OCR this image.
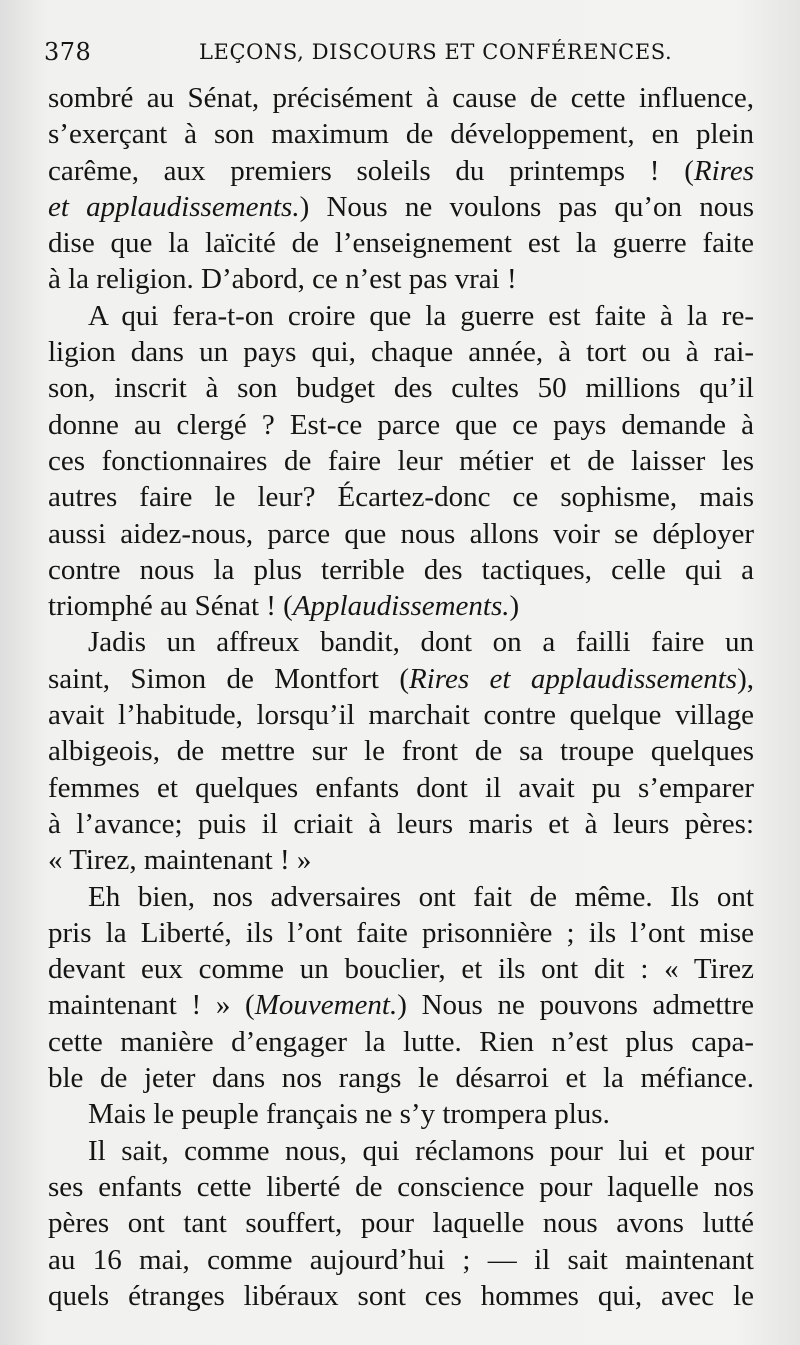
378	LEÇONS, DISCOURS ET CONFÉRENCES.
sombré au Sénat, précisément à cause de cette influence,
s’exerçant à son maximum de développement, en plein
carême, aux premiers soleils du printemps ! (Rires
et applaudissements.) Nous ne voulons pas qu’on nous
dise que la laïcité de l’enseignement est la guerre faite
à la religion. D’abord, ce n’est pas vrai !
A qui fera-t-on croire que la guerre est faite à la re-
ligion dans un pays qui, chaque année, à tort ou à rai-
son, inscrit à son budget des cultes 50 millions qu’il
donne au clergé ? Est-ce parce que ce pays demande à
ces fonctionnaires de faire leur métier et de laisser les
autres faire le leur? Écartez-donc ce sophisme, mais
aussi aidez-nous, parce que nous allons voir se déployer
contre nous la plus terrible des tactiques, celle qui a
triomphé au Sénat ! (Applaudissements.)
Jadis un affreux bandit, dont on a failli faire un
saint, Simon de Montfort (Rires et applaudissements),
avait l’habitude, lorsqu’il marchait contre quelque village
albigeois, de mettre sur le front de sa troupe quelques
femmes et quelques enfants dont il avait pu s’emparer
à l’avance; puis il criait à leurs maris et à leurs pères:
« Tirez, maintenant ! »
Eh bien, nos adversaires ont fait de même. Ils ont
pris la Liberté, ils l’ont faite prisonnière ; ils l’ont mise
devant eux comme un bouclier, et ils ont dit : « Tirez
maintenant ! » (Mouvement.) Nous ne pouvons admettre
cette manière d’engager la lutte. Rien n’est plus capa-
ble de jeter dans nos rangs le désarroi et la méfiance.
Mais le peuple français ne s’y trompera plus.
Il sait, comme nous, qui réclamons pour lui et pour
ses enfants cette liberté de conscience pour laquelle nos
pères ont tant souffert, pour laquelle nous avons lutté
au 16 mai, comme aujourd’hui ; — il sait maintenant
quels étranges libéraux sont ces hommes qui, avec le
